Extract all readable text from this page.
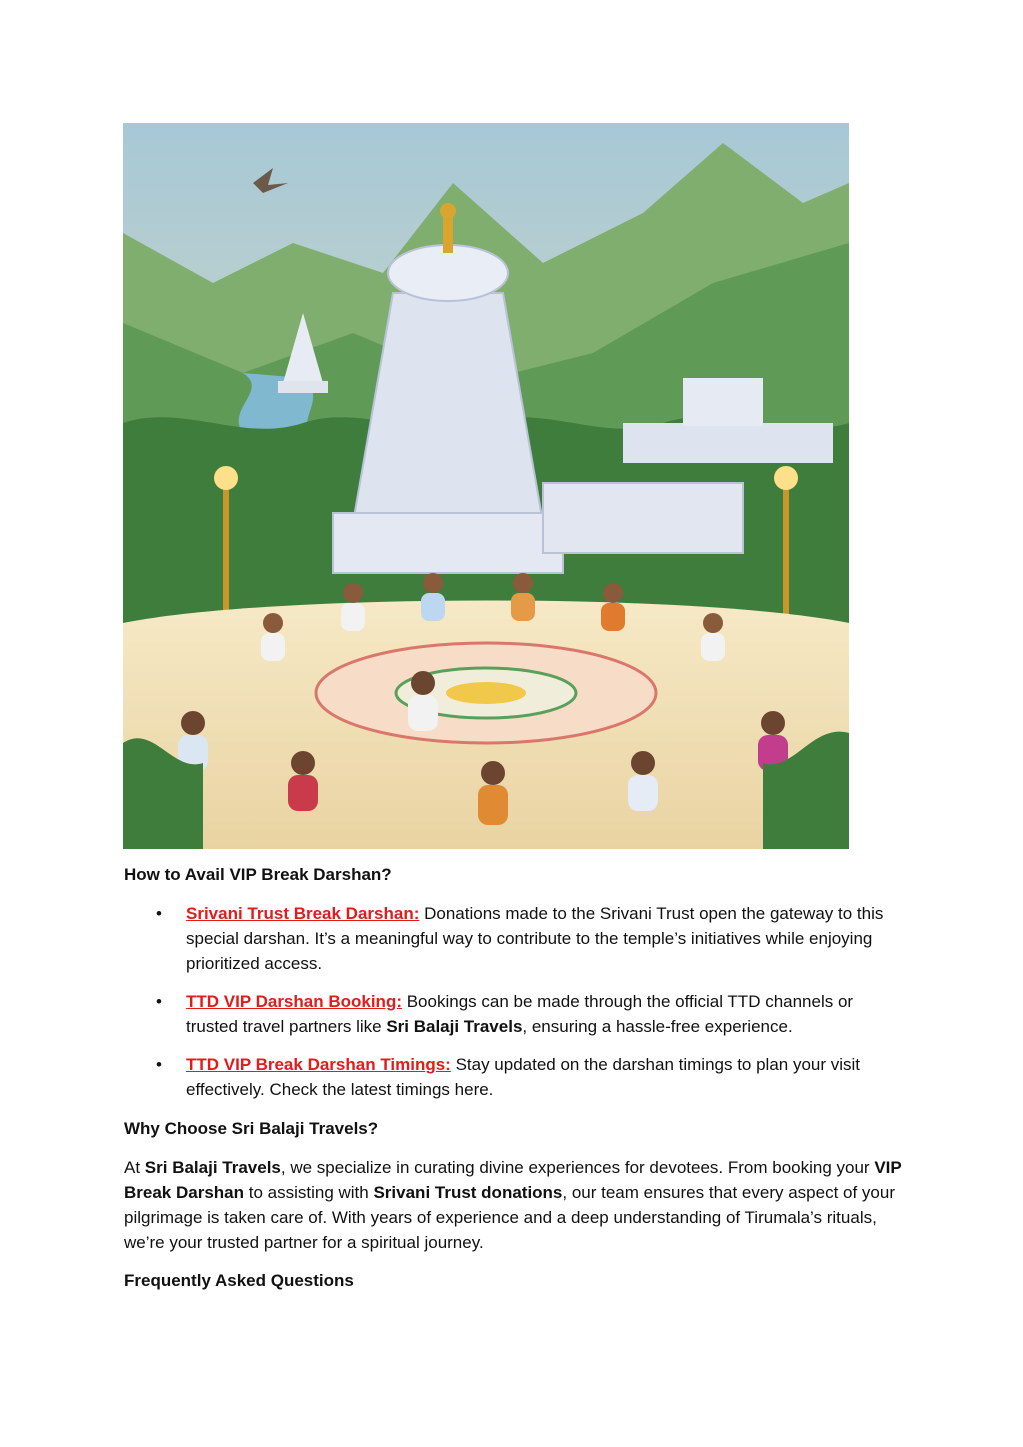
How to Avail VIP Break Darshan?
• Srivani Trust Break Darshan: Donations made to the Srivani Trust open the gateway to this special darshan. It’s a meaningful way to contribute to the temple’s initiatives while enjoying prioritized access.
• TTD VIP Darshan Booking: Bookings can be made through the official TTD channels or trusted travel partners like Sri Balaji Travels, ensuring a hassle-free experience.
• TTD VIP Break Darshan Timings: Stay updated on the darshan timings to plan your visit effectively. Check the latest timings here.
Why Choose Sri Balaji Travels?

At Sri Balaji Travels, we specialize in curating divine experiences for devotees. From booking your VIP Break Darshan to assisting with Srivani Trust donations, our team ensures that every aspect of your pilgrimage is taken care of. With years of experience and a deep understanding of Tirumala’s rituals, we’re your trusted partner for a spiritual journey.

Frequently Asked Questions
